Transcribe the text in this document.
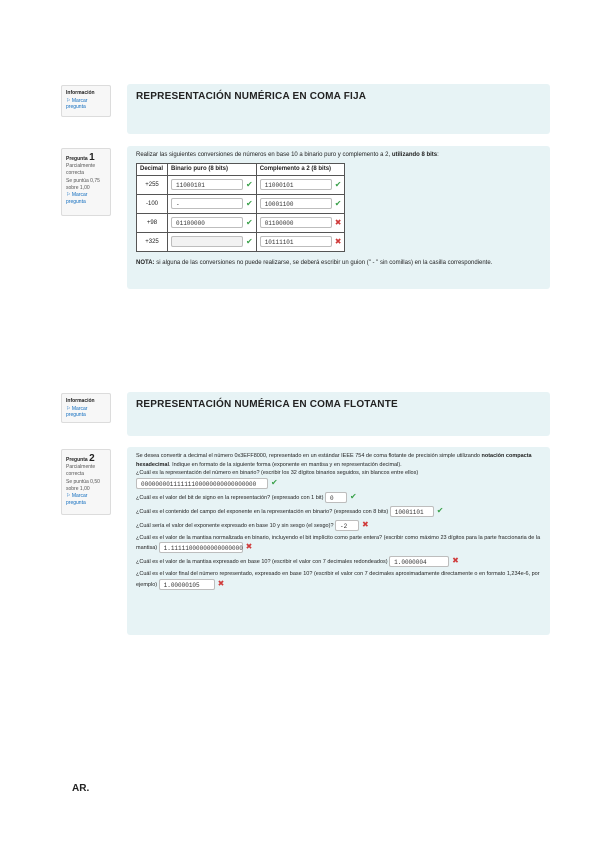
Información
⚐ Marcar pregunta
REPRESENTACIÓN NUMÉRICA EN COMA FIJA
Pregunta 1
Parcialmente correcta
Se puntúa 0,75 sobre 1,00
⚐ Marcar pregunta
Realizar las siguientes conversiones de números en base 10 a binario puro y complemento a 2, utilizando 8 bits:
Decimal	Binario puro (8 bits)	Complemento a 2 (8 bits)
+255	11000101 ✔	11000101 ✔
-100	- ✔	10001100 ✔
+98	01100000 ✔	01100000 ✖
+325	✔	10111101 ✖
NOTA: si alguna de las conversiones no puede realizarse, se deberá escribir un guion (" - " sin comillas) en la casilla correspondiente.
Información
⚐ Marcar pregunta
REPRESENTACIÓN NUMÉRICA EN COMA FLOTANTE
Pregunta 2
Parcialmente correcta
Se puntúa 0,50 sobre 1,00
⚐ Marcar pregunta
Se desea convertir a decimal el número 0x3EFF8000, representado en un estándar IEEE 754 de coma flotante de precisión simple utilizando notación compacta hexadecimal. Indique en formato de la siguiente forma (exponente en mantisa y en representación decimal).
¿Cuál es la representación del número en binario? (escribir los 32 dígitos binarios seguidos, sin blancos entre ellos)
00000000111111100000000000000000 ✔
¿Cuál es el valor del bit de signo en la representación? (expresado con 1 bit) 0 ✔
¿Cuál es el contenido del campo del exponente en la representación en binario? (expresado con 8 bits) 10001101 ✔
¿Cuál sería el valor del exponente expresado en base 10 y sin sesgo (el sesgo)? -2 ✖
¿Cuál es el valor de la mantisa normalizada en binario, incluyendo el bit implícito como parte entera? (escribir como máximo 23 dígitos para la parte fraccionaria de la mantisa) 1.11111000000000000000 ✖
¿Cuál es el valor de la mantisa expresado en base 10? (escribir el valor con 7 decimales redondeados) 1.0000004	✖
¿Cuál es el valor final del número representado, expresado en base 10? (escribir el valor con 7 decimales aproximadamente directamente o en formato 1,234e-6, por ejemplo) 1.00000105 ✖
AR.
